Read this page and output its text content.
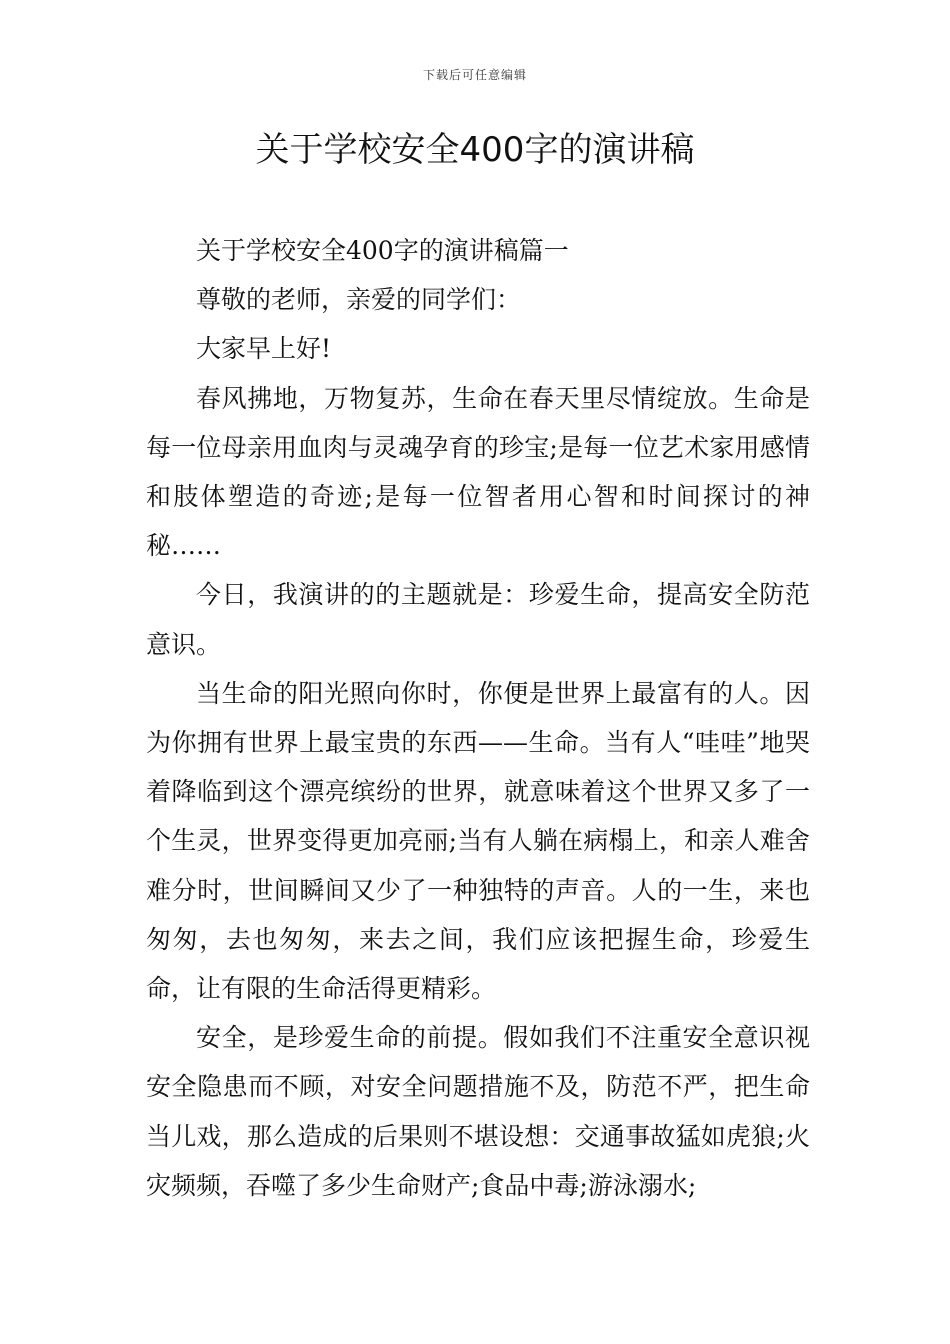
下载后可任意编辑
关于学校安全400字的演讲稿

关于学校安全400字的演讲稿篇一

尊敬的老师，亲爱的同学们：

大家早上好!

春风拂地，万物复苏，生命在春天里尽情绽放。生命是每一位母亲用血肉与灵魂孕育的珍宝;是每一位艺术家用感情和肢体塑造的奇迹;是每一位智者用心智和时间探讨的神秘……

今日，我演讲的的主题就是：珍爱生命，提高安全防范意识。

当生命的阳光照向你时，你便是世界上最富有的人。因为你拥有世界上最宝贵的东西——生命。当有人“哇哇”地哭着降临到这个漂亮缤纷的世界，就意味着这个世界又多了一个生灵，世界变得更加亮丽;当有人躺在病榻上，和亲人难舍难分时，世间瞬间又少了一种独特的声音。人的一生，来也匆匆，去也匆匆，来去之间，我们应该把握生命，珍爱生命，让有限的生命活得更精彩。

安全，是珍爱生命的前提。假如我们不注重安全意识视安全隐患而不顾，对安全问题措施不及，防范不严，把生命当儿戏，那么造成的后果则不堪设想：交通事故猛如虎狼;火灾频频，吞噬了多少生命财产;食品中毒;游泳溺水;
